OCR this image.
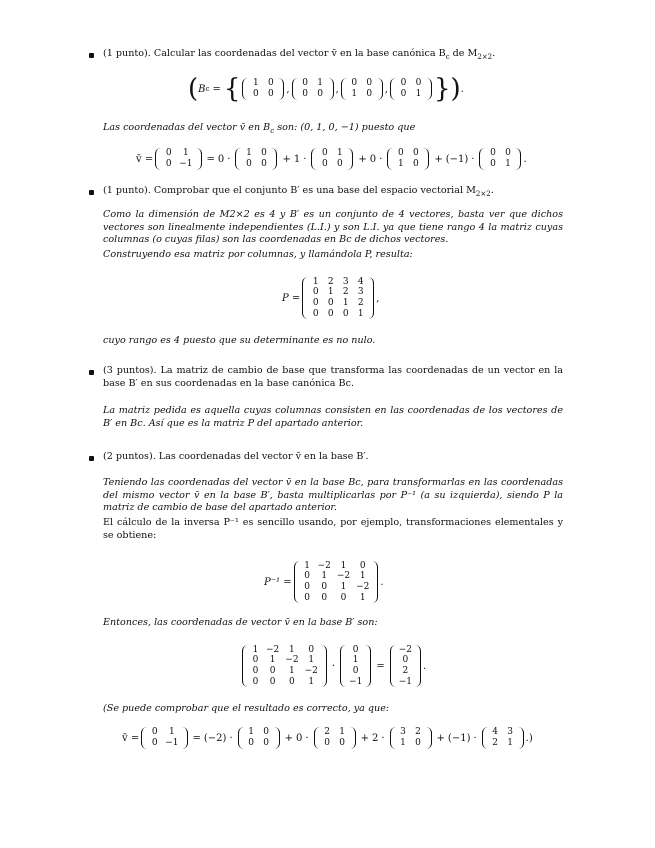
(1 punto). Calcular las coordenadas del vector v̄ en la base canónica $B_c$ de $M_{2\times 2}$.
( B c = { 1	0
0	0 ,
0	1
0	0 ,
0	0
1	0 ,
0	0
0	1 } ) .
Las coordenadas del vector v̄ en $B_c$ son: (0, 1, 0, −1) puesto que
v̄ =
0	1
0	−1 = 0 ·
1	0
0	0 + 1 ·
0	1
0	0 + 0 ·
0	0
1	0 + (−1) ·
0	0
0	1 .
(1 punto). Comprobar que el conjunto B′ es una base del espacio vectorial $M_{2\times 2}$.
Como la dimensión de M2×2 es 4 y B′ es un conjunto de 4 vectores, basta ver que dichos vectores son linealmente independientes (L.I.) y son L.I. ya que tiene rango 4 la matriz cuyas columnas (o cuyas filas) son las coordenadas en Bc de dichos vectores.
Construyendo esa matriz por columnas, y llamándola P, resulta:
P =
1	2	3	4
0	1	2	3
0	0	1	2
0	0	0	1
,
cuyo rango es 4 puesto que su determinante es no nulo.
(3 puntos). La matriz de cambio de base que transforma las coordenadas de un vector en la base B′ en sus coordenadas en la base canónica Bc.
La matriz pedida es aquella cuyas columnas consisten en las coordenadas de los vectores de B′ en Bc. Así que es la matriz P del apartado anterior.
(2 puntos). Las coordenadas del vector v̄ en la base B′.
Teniendo las coordenadas del vector v̄ en la base Bc, para transformarlas en las coordenadas del mismo vector v̄ en la base B′, basta multiplicarlas por P⁻¹ (a su izquierda), siendo P la matriz de cambio de base del apartado anterior.
El cálculo de la inversa P⁻¹ es sencillo usando, por ejemplo, transformaciones elementales y se obtiene:
P⁻¹ =
1	−2	1	0
0	1	−2	1
0	0	1	−2
0	0	0	1
.
Entonces, las coordenadas de vector v̄ en la base B′ son:
1	−2	1	0
0	1	−2	1
0	0	1	−2
0	0	0	1
·
0
1
0
−1
=
−2
0
2
−1
.
(Se puede comprobar que el resultado es correcto, ya que:
v̄ =
0	1
0	−1 = (−2) ·
1	0
0	0 + 0 ·
2	1
0	0 + 2 ·
3	2
1	0 + (−1) ·
4	3
2	1 .)
